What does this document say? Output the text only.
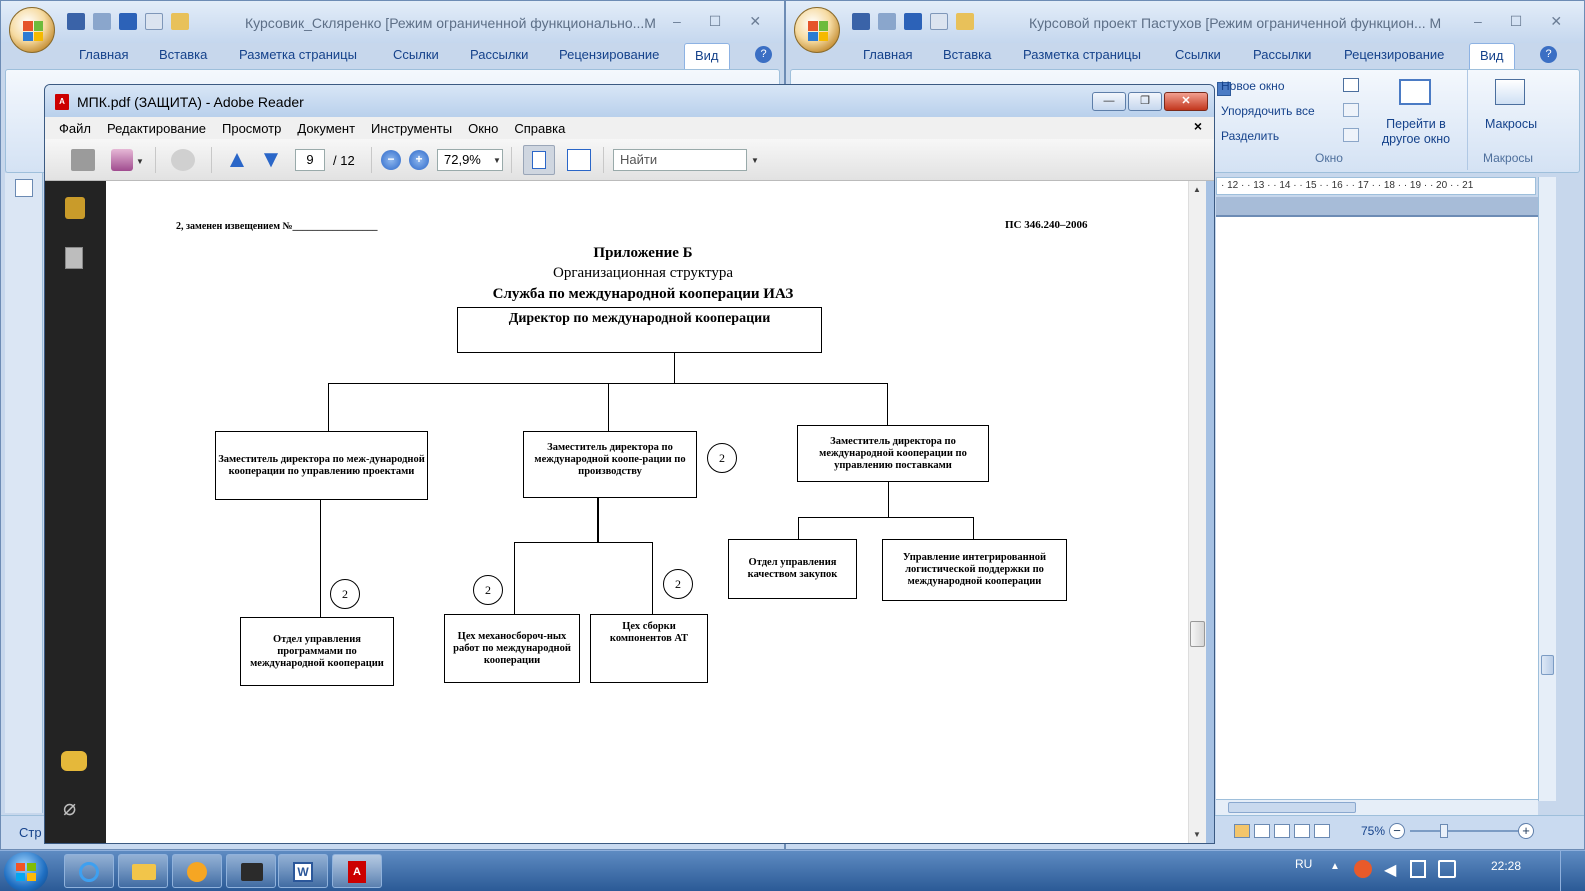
Курсовик_Скляренко [Режим ограниченной функционально...М – ☐ ✕
Главная Вставка Разметка страницы	Ссылки Рассылки Рецензирование	Вид	?
Стр
Курсовой проект Пастухов [Режим ограниченной функцион... М – ☐ ✕
Главная Вставка Разметка страницы	Ссылки Рассылки	Рецензирование	Вид	?
Новое окно
Упорядочить все
Разделить
Перейти в другое окно
Окно
Макросы
Макросы
· 12 · · 13 · · 14 · · 15 · · 16 · · 17 · · 18 · · 19 · · 20 · · 21
75% −	+
A МПК.pdf (ЗАЩИТА) - Adobe Reader	—	❐	✕
Файл Редактирование Просмотр Документ Инструменты Окно Справка	×
▼	▲ ▼	9	/ 12	−	+	72,9%	▼	Найти	▼
⌀
2, заменен извещением №_________________	ПС 346.240–2006
Приложение Б
Организационная структура
Служба по международной кооперации ИАЗ
Директор по международной кооперации
Заместитель директора по меж-дународной кооперации по управлению проектами
Заместитель директора по международной коопе-рации по производству
Заместитель директора по международной кооперации по управлению поставками
Отдел управления программами по международной кооперации
Цех механосбороч-ных работ по международной кооперации
Цех сборки компонентов АТ
Отдел управления качеством закупок
Управление интегрированной логистической поддержки по международной кооперации
2
2	2	2
▲
▼
W	A
RU ▲	◀	22:28
